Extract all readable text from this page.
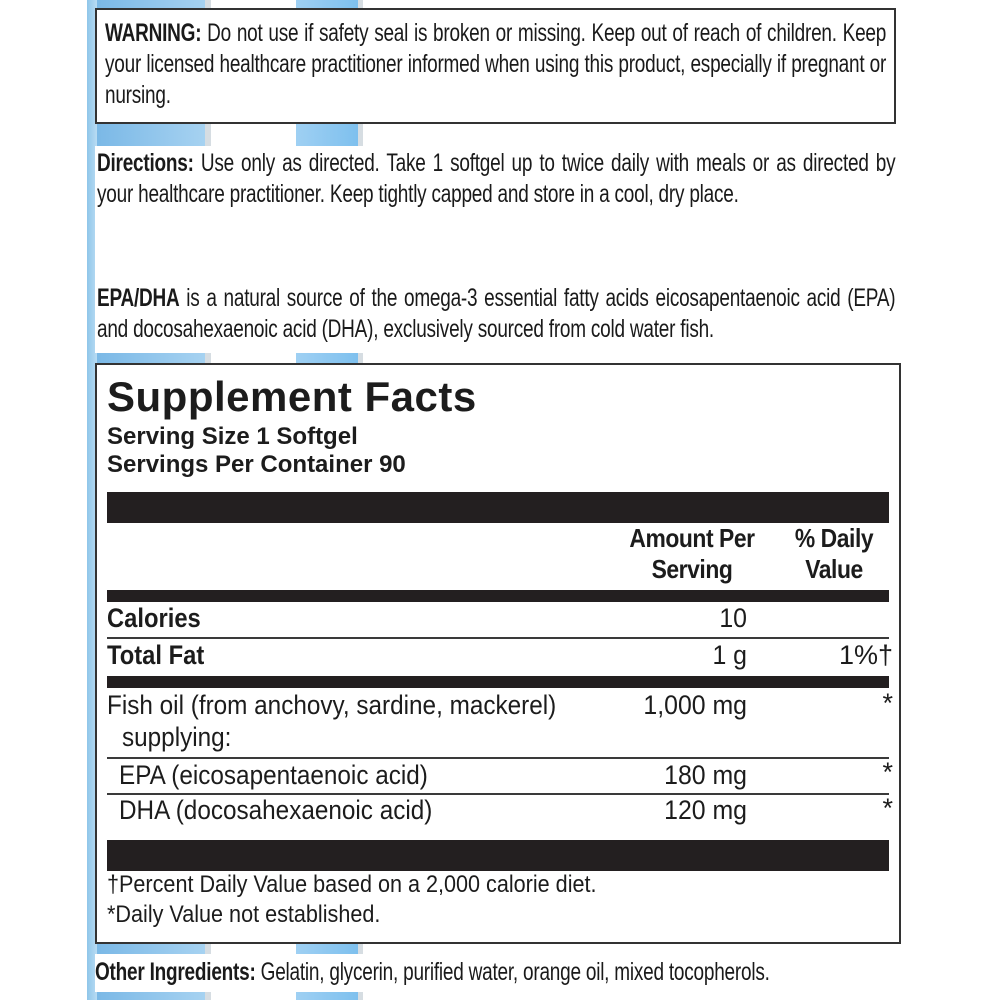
WARNING: Do not use if safety seal is broken or missing. Keep out of reach of children. Keep your licensed healthcare practitioner informed when using this product, especially if pregnant or nursing.
Directions: Use only as directed. Take 1 softgel up to twice daily with meals or as directed by your healthcare practitioner. Keep tightly capped and store in a cool, dry place.
EPA/DHA is a natural source of the omega-3 essential fatty acids eicosapentaenoic acid (EPA) and docosahexaenoic acid (DHA), exclusively sourced from cold water fish.
Supplement Facts
Serving Size 1 Softgel
Servings Per Container 90
Amount Per
Serving
% Daily
Value
Calories	10
Total Fat	1 g	1%†
Fish oil (from anchovy, sardine, mackerel)
supplying:
1,000 mg	*
EPA (eicosapentaenoic acid)	180 mg	*
DHA (docosahexaenoic acid)	120 mg	*
†Percent Daily Value based on a 2,000 calorie diet.
*Daily Value not established.
Other Ingredients: Gelatin, glycerin, purified water, orange oil, mixed tocopherols.
